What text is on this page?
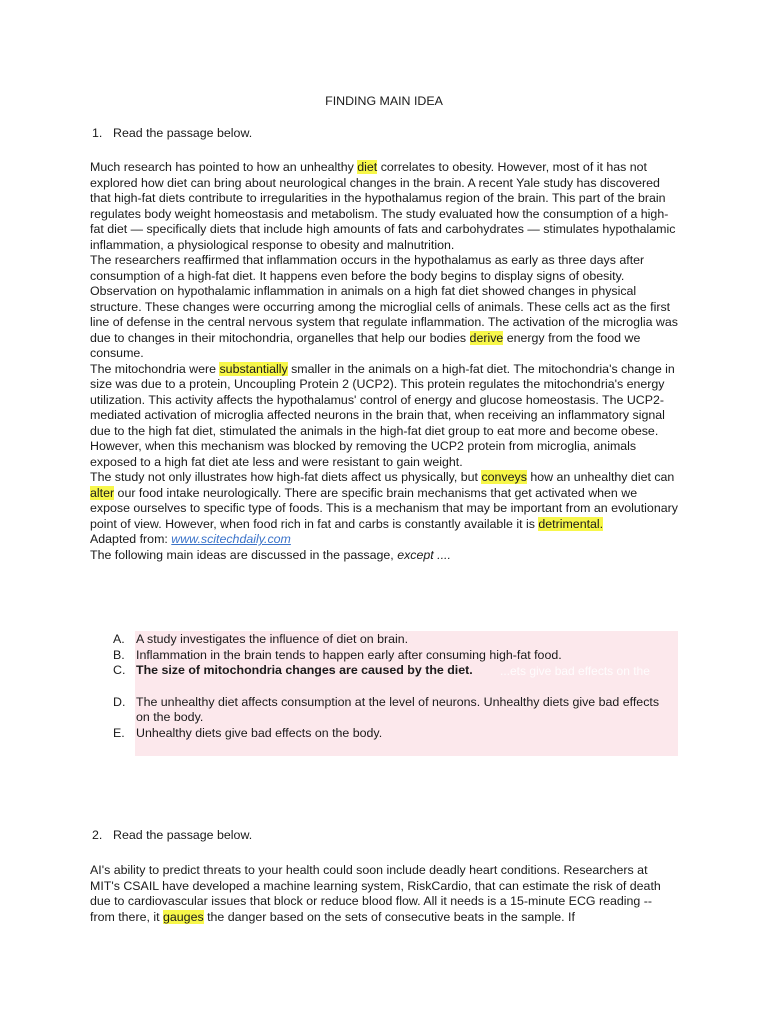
FINDING MAIN IDEA
1. Read the passage below.

Much research has pointed to how an unhealthy diet correlates to obesity. However, most of it has not explored how diet can bring about neurological changes in the brain. A recent Yale study has discovered that high-fat diets contribute to irregularities in the hypothalamus region of the brain. This part of the brain regulates body weight homeostasis and metabolism. The study evaluated how the consumption of a high-fat diet — specifically diets that include high amounts of fats and carbohydrates — stimulates hypothalamic inflammation, a physiological response to obesity and malnutrition.

The researchers reaffirmed that inflammation occurs in the hypothalamus as early as three days after consumption of a high-fat diet. It happens even before the body begins to display signs of obesity. Observation on hypothalamic inflammation in animals on a high fat diet showed changes in physical structure. These changes were occurring among the microglial cells of animals. These cells act as the first line of defense in the central nervous system that regulate inflammation. The activation of the microglia was due to changes in their mitochondria, organelles that help our bodies derive energy from the food we consume.

The mitochondria were substantially smaller in the animals on a high-fat diet. The mitochondria's change in size was due to a protein, Uncoupling Protein 2 (UCP2). This protein regulates the mitochondria's energy utilization. This activity affects the hypothalamus' control of energy and glucose homeostasis. The UCP2-mediated activation of microglia affected neurons in the brain that, when receiving an inflammatory signal due to the high fat diet, stimulated the animals in the high-fat diet group to eat more and become obese. However, when this mechanism was blocked by removing the UCP2 protein from microglia, animals exposed to a high fat diet ate less and were resistant to gain weight.

The study not only illustrates how high-fat diets affect us physically, but conveys how an unhealthy diet can alter our food intake neurologically. There are specific brain mechanisms that get activated when we expose ourselves to specific type of foods. This is a mechanism that may be important from an evolutionary point of view. However, when food rich in fat and carbs is constantly available it is detrimental.

Adapted from: www.scitechdaily.com

The following main ideas are discussed in the passage, except ....

...ets give bad effects on the
A. A study investigates the influence of diet on brain.
B. Inflammation in the brain tends to happen early after consuming high-fat food.
C. The size of mitochondria changes are caused by the diet.
D. The unhealthy diet affects consumption at the level of neurons. Unhealthy diets give bad effects on the body.
E. Unhealthy diets give bad effects on the body.
2. Read the passage below.

AI's ability to predict threats to your health could soon include deadly heart conditions. Researchers at MIT's CSAIL have developed a machine learning system, RiskCardio, that can estimate the risk of death due to cardiovascular issues that block or reduce blood flow. All it needs is a 15-minute ECG reading -- from there, it gauges the danger based on the sets of consecutive beats in the sample. If
